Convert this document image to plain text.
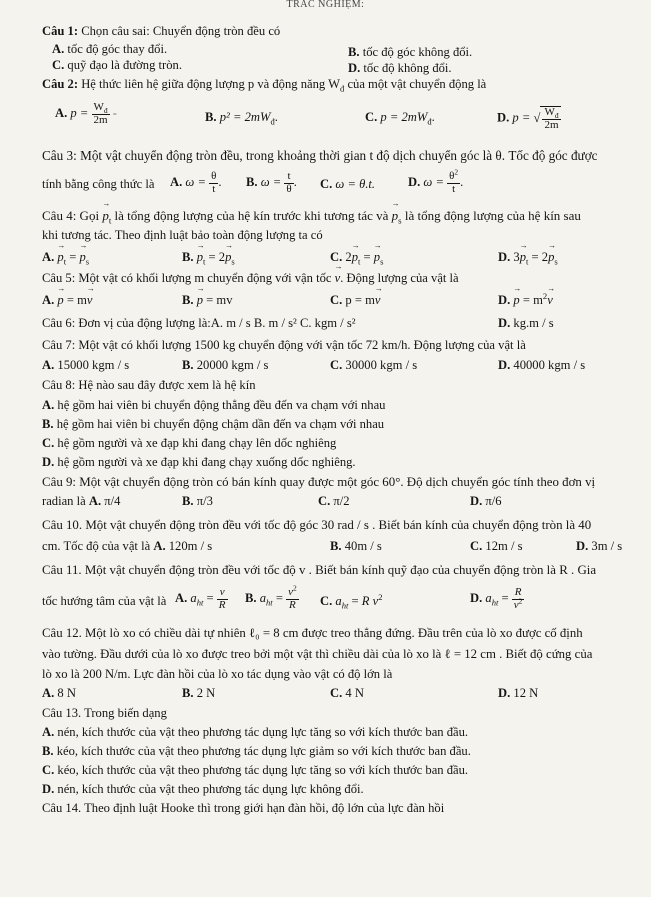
TRẮC NGHIỆM:
Câu 1: Chọn câu sai: Chuyển động tròn đều có
A. tốc độ góc thay đổi.	B. tốc độ góc không đổi.
C. quỹ đạo là đường tròn.	D. tốc độ không đổi.
Câu 2: Hệ thức liên hệ giữa động lượng p và động năng $W_đ$ của một vật chuyển động là
A. $p = \frac{W_đ}{2m}$ -	B. $p^2 = 2mW_đ$.	C. $p = 2mW_đ$.	D. p = √ $\frac{W_đ}{2m}$
Câu 3: Một vật chuyển động tròn đều, trong khoảng thời gian t độ dịch chuyển góc là θ. Tốc độ góc được
tính bằng công thức là A. $\omega = \frac{\theta}{t}$ . B. $\omega = \frac{t}{\theta}$ . C. ω = θ.t.	D. $\omega = \frac{\theta^2}{t}$ .
Câu 4: Gọi → $p_t$ là tổng động lượng của hệ kín trước khi tương tác và → $p_s$ là tổng động lượng của hệ kín sau
khi tương tác. Theo định luật bảo toàn động lượng ta có
A. → $p_t$ = → $p_s$	B. → $p_t = 2\to p_s$	C. $2\to p_t$ = → $p_s$	D. $3\to p_t = 2\to p_s$
Câu 5: Một vật có khối lượng m chuyển động với vận tốc → v. Động lượng của vật là
A. → p = m→ v	B. → p = mv	C. p = m→ v	D. → $p = m^2\to v$
Câu 6: Đơn vị của động lượng là:A. m / s B. m / s² C. kgm / s²	D. kg.m / s
Câu 7: Một vật có khối lượng 1500 kg chuyển động với vận tốc 72 km/h. Động lượng của vật là
A. 15000 kgm / s	B. 20000 kgm / s	C. 30000 kgm / s	D. 40000 kgm / s
Câu 8: Hệ nào sau đây được xem là hệ kín
A. hệ gồm hai viên bi chuyển động thẳng đều đến va chạm với nhau
B. hệ gồm hai viên bi chuyển động chậm dần đến va chạm với nhau
C. hệ gồm người và xe đạp khi đang chạy lên dốc nghiêng
D. hệ gồm người và xe đạp khi đang chạy xuống dốc nghiêng.
Câu 9: Một vật chuyển động tròn có bán kính quay được một góc 60°. Độ dịch chuyển góc tính theo đơn vị
radian là A. π/4	B. π/3	C. π/2	D. π/6
Câu 10. Một vật chuyển động tròn đều với tốc độ góc 30 rad / s . Biết bán kính của chuyển động tròn là 40
cm. Tốc độ của vật là A. 120m / s	B. 40m / s	C. 12m / s	D. 3m / s
Câu 11. Một vật chuyển động tròn đều với tốc độ v . Biết bán kính quỹ đạo của chuyển động tròn là R . Gia
tốc hướng tâm của vật là A. $a_{ht} = \frac{v}{R} B$. $a_{ht} = \frac{v^2}{R} C$. $a_{ht} = R$ $v^2$	D. $a_{ht} = \frac{R}{v^2}$
Câu 12. Một lò xo có chiều dài tự nhiên ℓ₀ = 8 cm được treo thẳng đứng. Đầu trên của lò xo được cố định
vào tường. Đầu dưới của lò xo được treo bởi một vật thì chiều dài của lò xo là ℓ = 12 cm . Biết độ cứng của
lò xo là 200 N/m. Lực đàn hồi của lò xo tác dụng vào vật có độ lớn là
A. 8 N	B. 2 N	C. 4 N	D. 12 N
Câu 13. Trong biến dạng
A. nén, kích thước của vật theo phương tác dụng lực tăng so với kích thước ban đầu.
B. kéo, kích thước của vật theo phương tác dụng lực giảm so với kích thước ban đầu.
C. kéo, kích thước của vật theo phương tác dụng lực tăng so với kích thước ban đầu.
D. nén, kích thước của vật theo phương tác dụng lực không đổi.
Câu 14. Theo định luật Hooke thì trong giới hạn đàn hồi, độ lớn của lực đàn hồi
